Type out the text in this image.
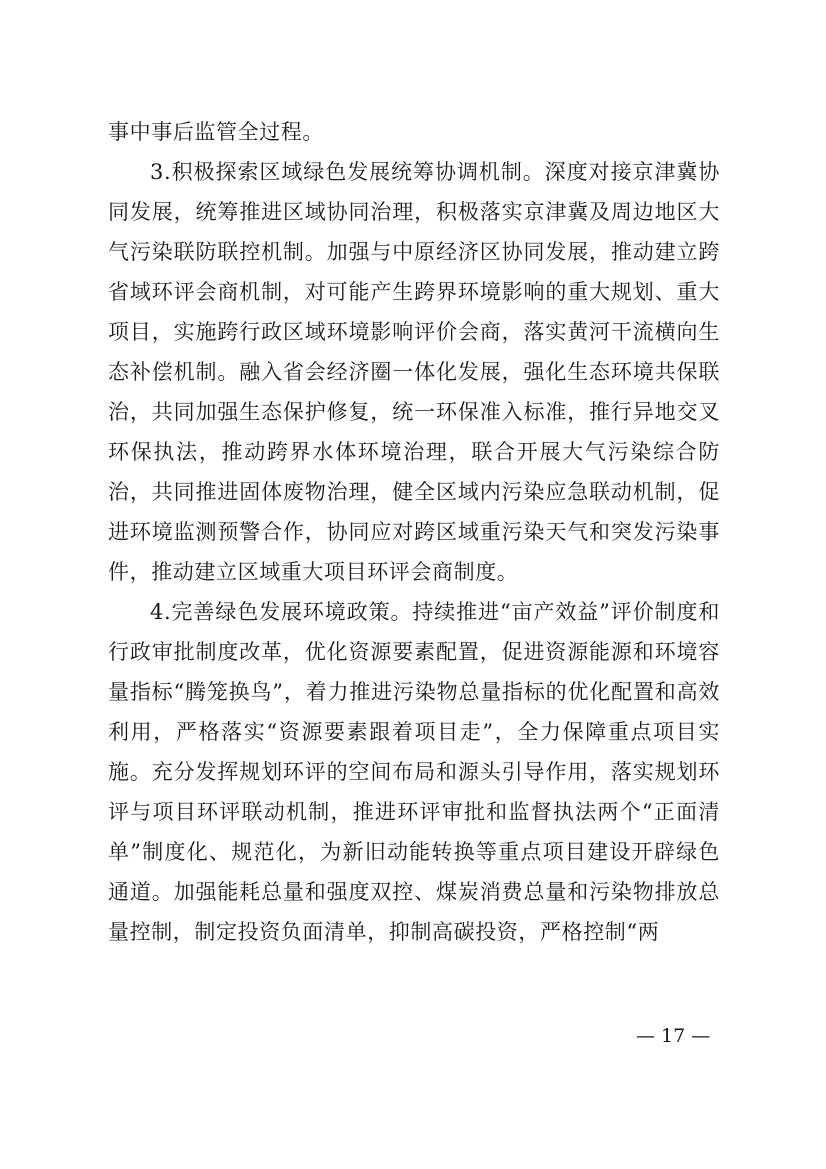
事中事后监管全过程。

3.积极探索区域绿色发展统筹协调机制。深度对接京津冀协同发展，统筹推进区域协同治理，积极落实京津冀及周边地区大气污染联防联控机制。加强与中原经济区协同发展，推动建立跨省域环评会商机制，对可能产生跨界环境影响的重大规划、重大项目，实施跨行政区域环境影响评价会商，落实黄河干流横向生态补偿机制。融入省会经济圈一体化发展，强化生态环境共保联治，共同加强生态保护修复，统一环保准入标准，推行异地交叉环保执法，推动跨界水体环境治理，联合开展大气污染综合防治，共同推进固体废物治理，健全区域内污染应急联动机制，促进环境监测预警合作，协同应对跨区域重污染天气和突发污染事件，推动建立区域重大项目环评会商制度。

4.完善绿色发展环境政策。持续推进“亩产效益”评价制度和行政审批制度改革，优化资源要素配置，促进资源能源和环境容量指标“腾笼换鸟”，着力推进污染物总量指标的优化配置和高效利用，严格落实“资源要素跟着项目走”，全力保障重点项目实施。充分发挥规划环评的空间布局和源头引导作用，落实规划环评与项目环评联动机制，推进环评审批和监督执法两个“正面清单”制度化、规范化，为新旧动能转换等重点项目建设开辟绿色通道。加强能耗总量和强度双控、煤炭消费总量和污染物排放总量控制，制定投资负面清单，抑制高碳投资，严格控制“两

— 17 —
